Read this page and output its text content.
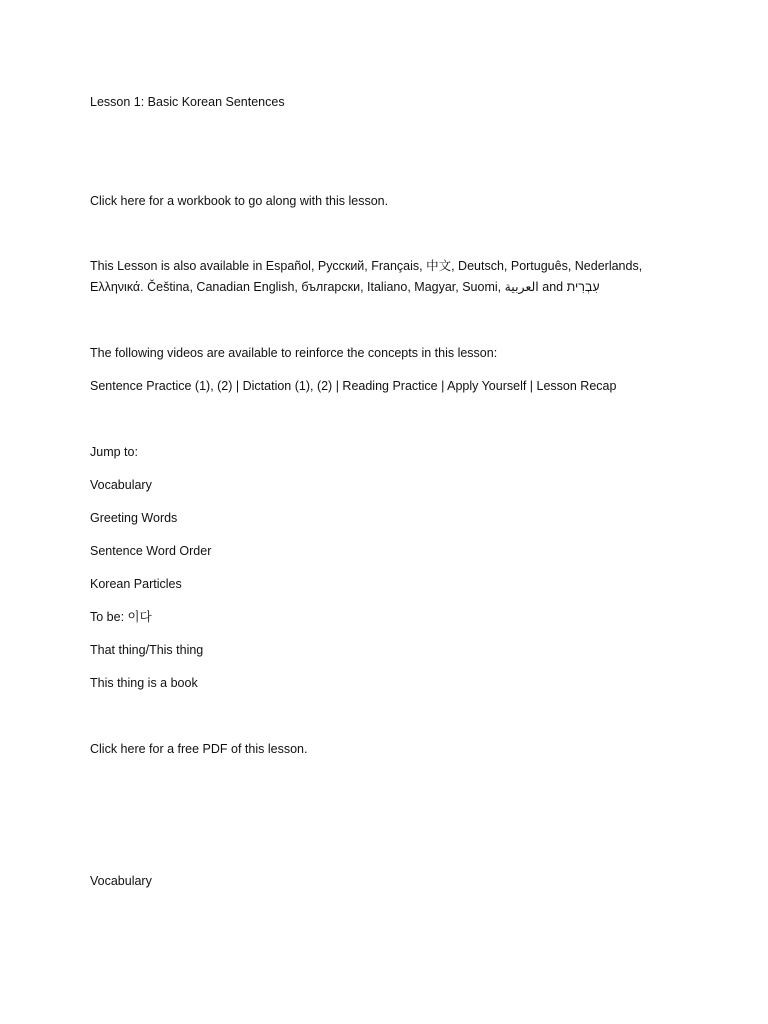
Lesson 1: Basic Korean Sentences
Click here for a workbook to go along with this lesson.
This Lesson is also available in Español, Русский, Français, 中文, Deutsch, Português, Nederlands, Ελληνικά. Čeština, Canadian English, български, Italiano, Magyar, Suomi, العربية and עִבְרִית
The following videos are available to reinforce the concepts in this lesson:
Sentence Practice (1), (2) | Dictation (1), (2) | Reading Practice | Apply Yourself | Lesson Recap
Jump to:
Vocabulary
Greeting Words
Sentence Word Order
Korean Particles
To be: 이다
That thing/This thing
This thing is a book
Click here for a free PDF of this lesson.
Vocabulary
